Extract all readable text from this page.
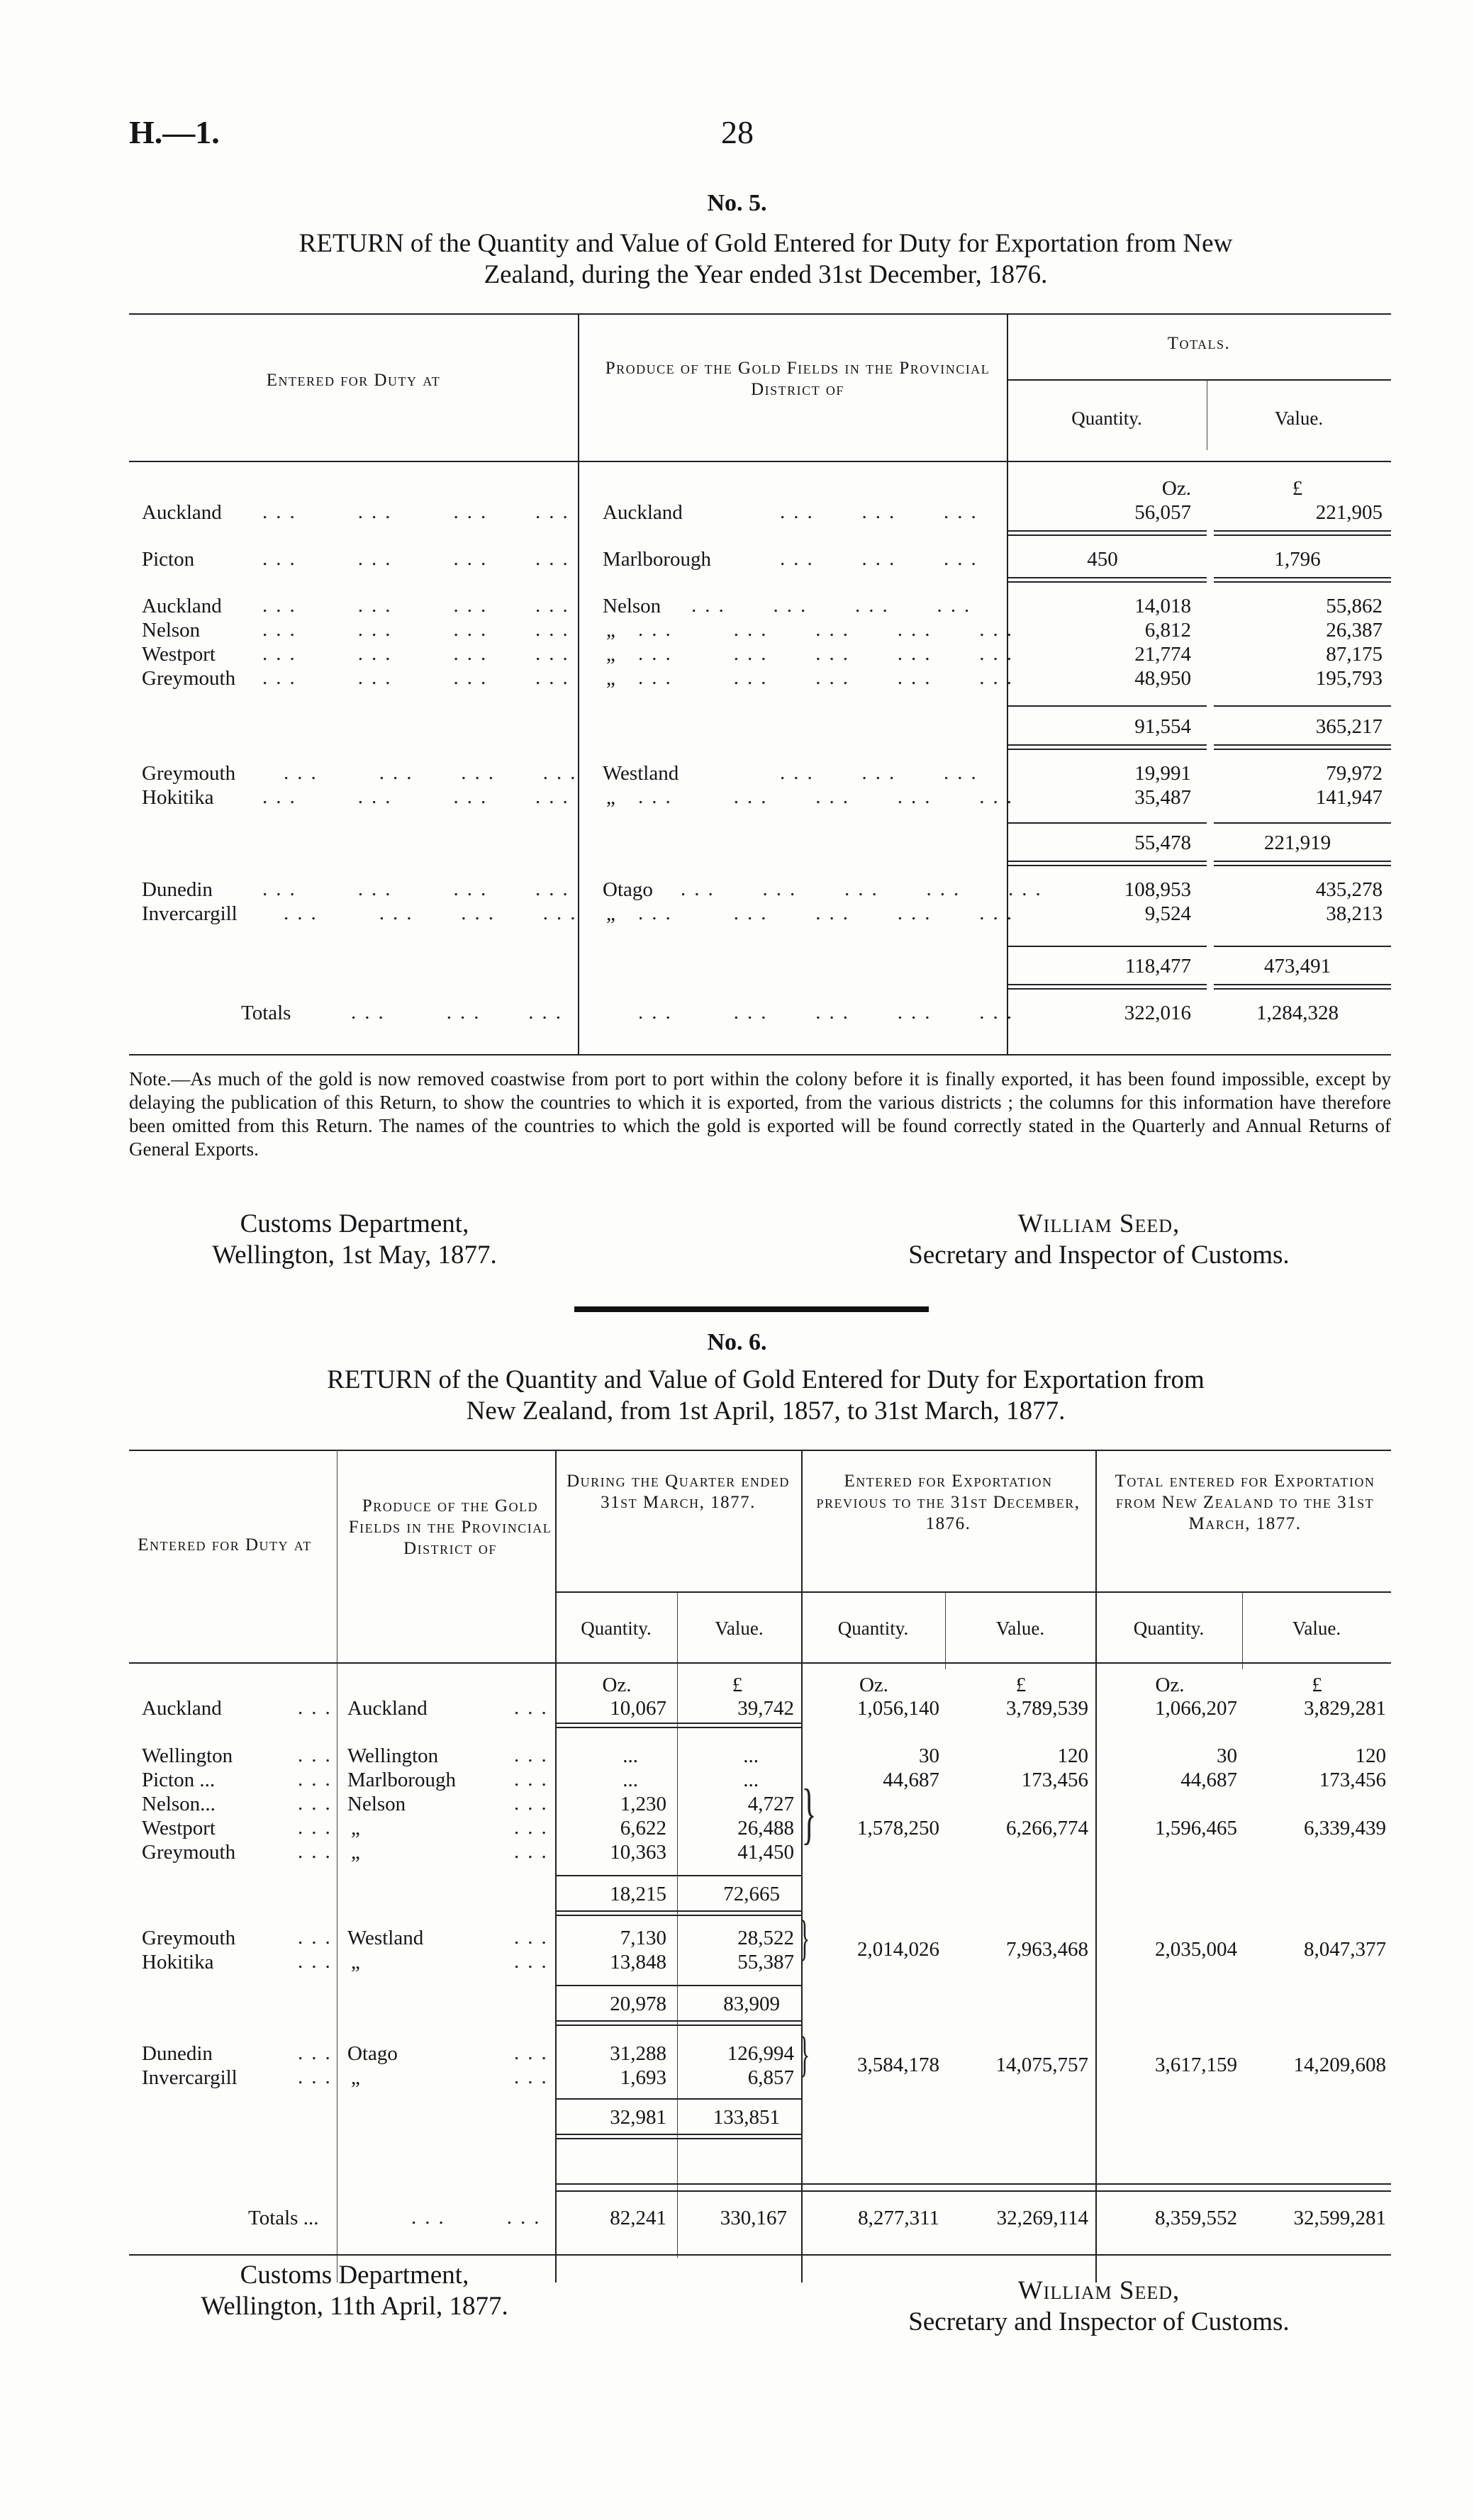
H.—1.	28
No. 5.
RETURN of the Quantity and Value of Gold Entered for Duty for Exportation from New
Zealand, during the Year ended 31st December, 1876.
Entered for Duty at
Produce of the Gold Fields in the Provincial District of
Totals.
Quantity.	Value.
Oz.	£
Auckland ...    ...    ...   ... Auckland	...   ...   ...	56,057	221,905
Picton	...    ...    ...   ... Marlborough	...   ...   ...	450	1,796
Auckland ...    ...    ...   ... Nelson ...   ...   ...   ...	14,018	55,862
Nelson	...    ...    ...   ... „ ...    ...   ...   ...   ...	6,812	26,387
Westport ...    ...    ...   ... „ ...    ...   ...   ...   ...	21,774	87,175
Greymouth ...    ...    ...   ... „ ...    ...   ...   ...   ...	48,950	195,793
91,554	365,217
Greymouth ...    ...   ...   ... Westland	...   ...   ...	19,991	79,972
Hokitika ...    ...    ...   ... „ ...    ...   ...   ...   ...	35,487	141,947
55,478	221,919
Dunedin ...    ...    ...   ... Otago ...   ...   ...   ...   ...	108,953	435,278
Invercargill ...    ...   ...   ... „ ...    ...   ...   ...   ...	9,524	38,213
118,477	473,491
Totals	...    ...   ...	...    ...   ...   ...   ...	322,016	1,284,328
Note.—As much of the gold is now removed coastwise from port to port within the colony before it is finally exported, it has been found impossible, except by delaying the publication of this Return, to show the countries to which it is exported, from the various districts ; the columns for this information have therefore been omitted from this Return. The names of the countries to which the gold is exported will be found correctly stated in the Quarterly and Annual Returns of General Exports.
Customs Department,
Wellington, 1st May, 1877.
William Seed,
Secretary and Inspector of Customs.
No. 6.
RETURN of the Quantity and Value of Gold Entered for Duty for Exportation from
New Zealand, from 1st April, 1857, to 31st March, 1877.
Entered for Duty at
Produce of the Gold Fields in the Provincial District of
During the Quarter ended 31st March, 1877.
Entered for Exportation previous to the 31st December, 1876.
Total entered for Exportation from New Zealand to the 31st March, 1877.
Quantity.	Value.	Quantity.	Value.	Quantity.	Value.
Oz.	£	Oz.	£	Oz.	£
Auckland	... Auckland	...	10,067	39,742	1,056,140	3,789,539	1,066,207	3,829,281
Wellington	... Wellington	...	...	...	30	120	30	120
Picton ...	... Marlborough	...	...	...	44,687	173,456	44,687	173,456
Nelson...	... Nelson	...	1,230	4,727
Westport	... „	...	6,622	26,488	1,578,250	6,266,774	1,596,465	6,339,439
Greymouth	... „	...	10,363	41,450
}
18,215	72,665
Greymouth	... Westland	...	7,130	28,522	2,014,026	7,963,468	2,035,004	8,047,377
Hokitika	... „	...	13,848	55,387 }
20,978	83,909
Dunedin	... Otago	...	31,288	126,994	3,584,178	14,075,757	3,617,159	14,209,608
Invercargill	... „	...	1,693	6,857 }
32,981	133,851
Totals ...	...    ...	82,241	330,167	8,277,311	32,269,114	8,359,552	32,599,281
Customs Department,
Wellington, 11th April, 1877.
William Seed,
Secretary and Inspector of Customs.
